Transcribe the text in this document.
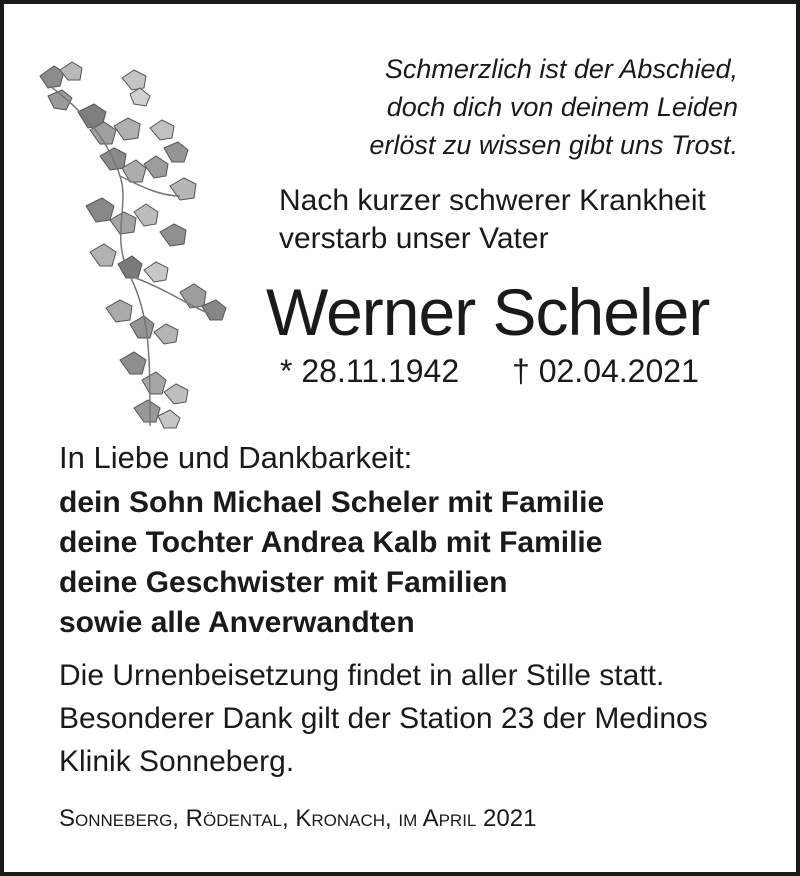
Schmerzlich ist der Abschied,
doch dich von deinem Leiden
erlöst zu wissen gibt uns Trost.
Nach kurzer schwerer Krankheit
verstarb unser Vater
Werner Scheler
* 28.11.1942 † 02.04.2021
In Liebe und Dankbarkeit:
dein Sohn Michael Scheler mit Familie
deine Tochter Andrea Kalb mit Familie
deine Geschwister mit Familien
sowie alle Anverwandten
Die Urnenbeisetzung findet in aller Stille statt.
Besonderer Dank gilt der Station 23 der Medinos
Klinik Sonneberg.
Sonneberg, Rödental, Kronach, im April 2021
